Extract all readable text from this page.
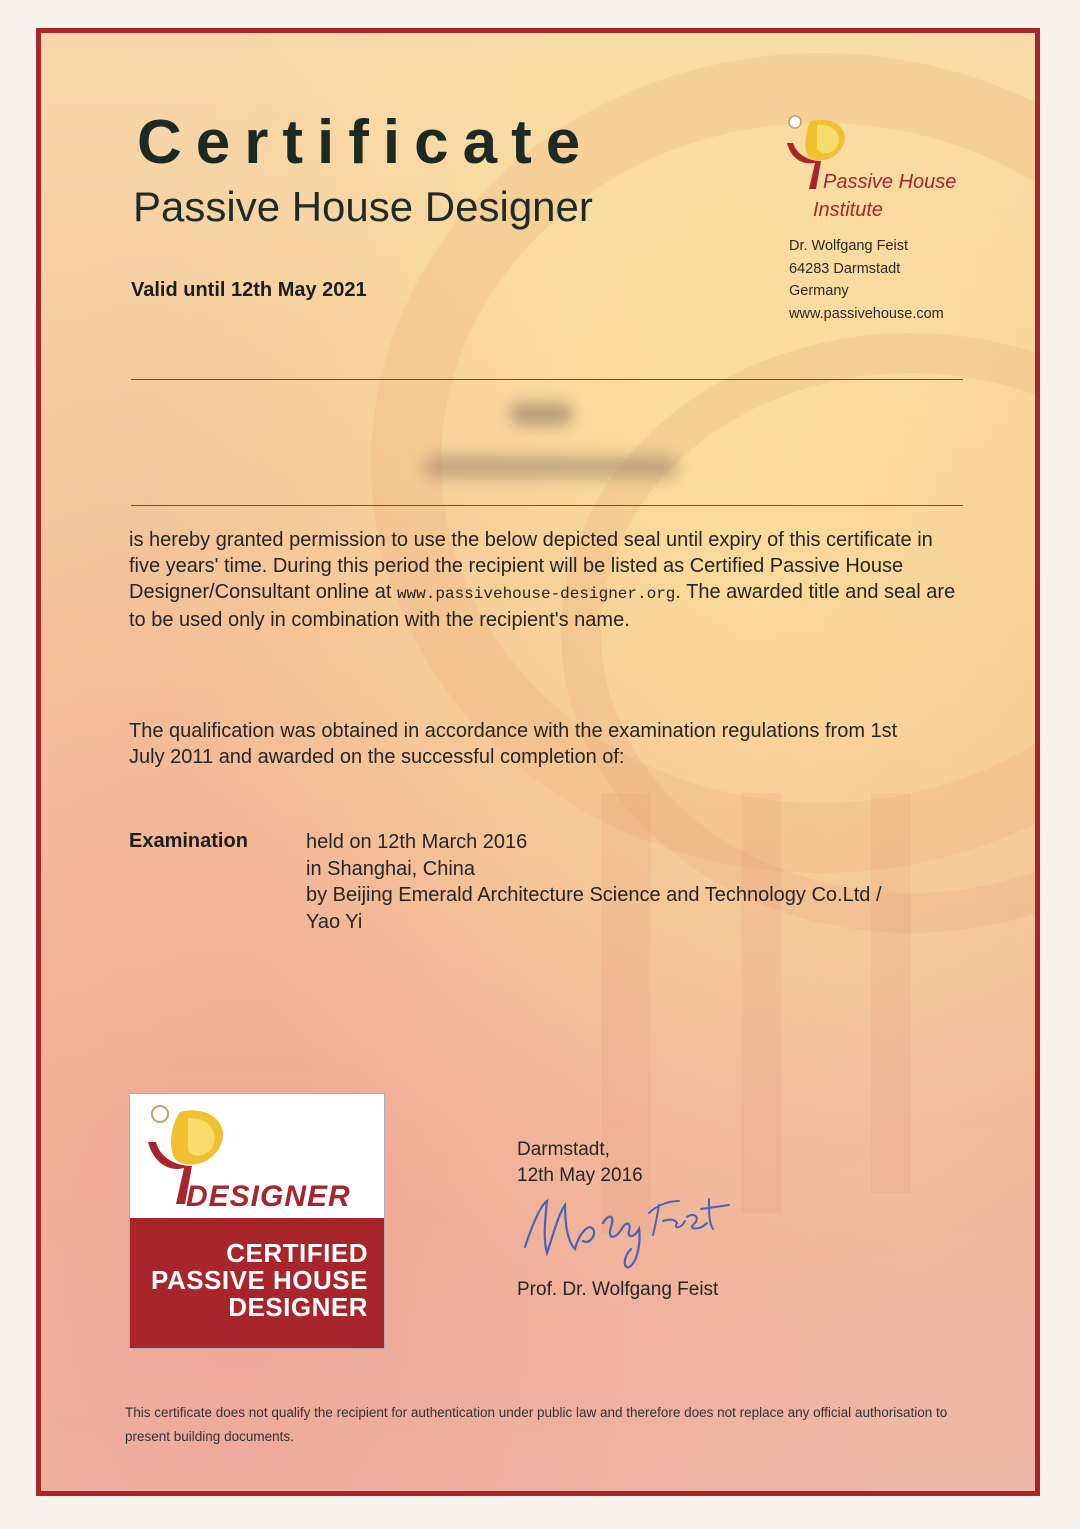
Certificate
Passive House Designer
Valid until 12th May 2021
Passive House
Institute
Dr. Wolfgang Feist
64283 Darmstadt
Germany
www.passivehouse.com
is hereby granted permission to use the below depicted seal until expiry of this certificate in five years' time. During this period the recipient will be listed as Certified Passive House Designer/Consultant online at www.passivehouse-designer.org. The awarded title and seal are to be used only in combination with the recipient's name.
The qualification was obtained in accordance with the examination regulations from 1st July 2011 and awarded on the successful completion of:
Examination	held on 12th March 2016
in Shanghai, China
by Beijing Emerald Architecture Science and Technology Co.Ltd /
Yao Yi
DESIGNER
CERTIFIED
PASSIVE HOUSE
DESIGNER
Darmstadt,
12th May 2016
Prof. Dr. Wolfgang Feist
This certificate does not qualify the recipient for authentication under public law and therefore does not replace any official authorisation to present building documents.
